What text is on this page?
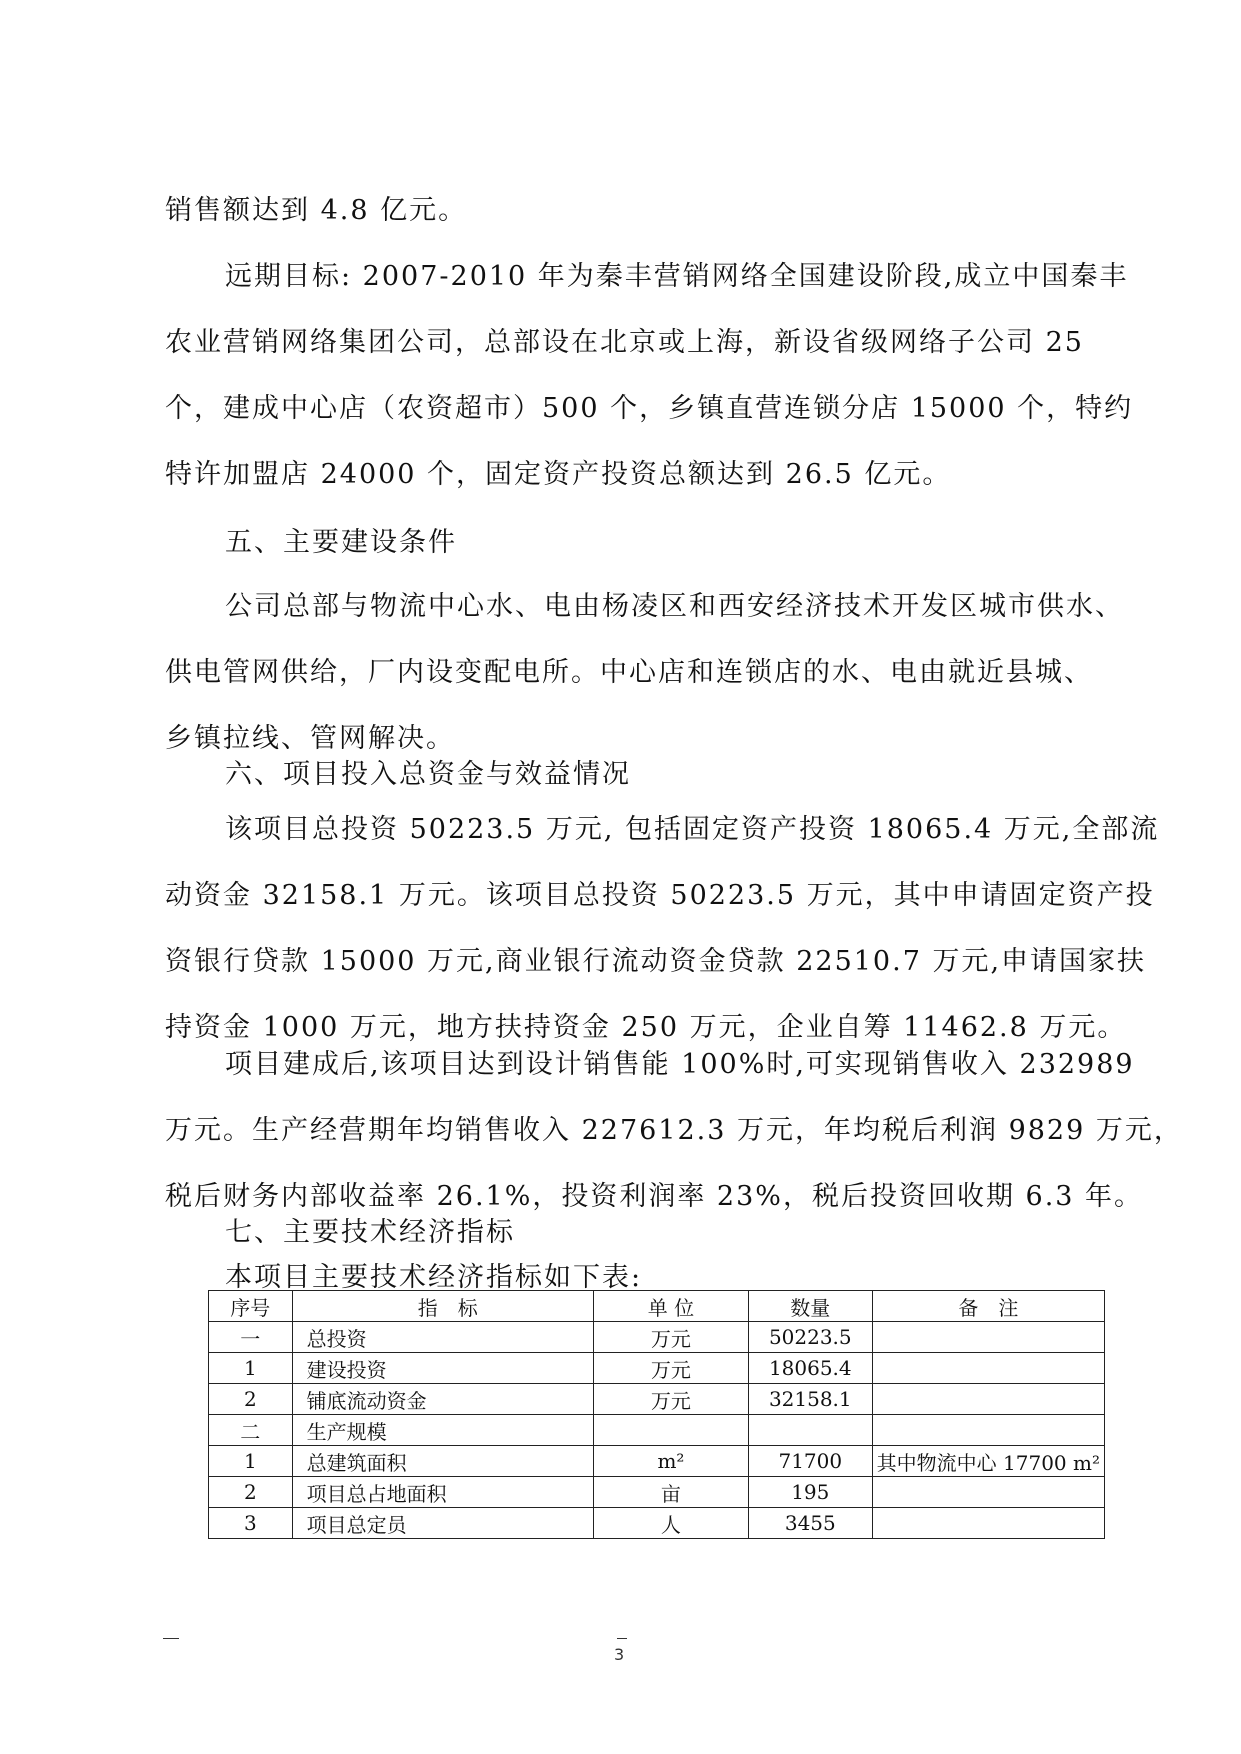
销售额达到 4.8 亿元。
远期目标: 2007-2010 年为秦丰营销网络全国建设阶段,成立中国秦丰
农业营销网络集团公司，总部设在北京或上海，新设省级网络子公司 25
个，建成中心店（农资超市）500 个，乡镇直营连锁分店 15000 个，特约
特许加盟店 24000 个，固定资产投资总额达到 26.5 亿元。
五、主要建设条件
公司总部与物流中心水、电由杨凌区和西安经济技术开发区城市供水、
供电管网供给，厂内设变配电所。中心店和连锁店的水、电由就近县城、
乡镇拉线、管网解决。
六、项目投入总资金与效益情况
该项目总投资 50223.5 万元, 包括固定资产投资 18065.4 万元,全部流
动资金 32158.1 万元。该项目总投资 50223.5 万元，其中申请固定资产投
资银行贷款 15000 万元,商业银行流动资金贷款 22510.7 万元,申请国家扶
持资金 1000 万元，地方扶持资金 250 万元，企业自筹 11462.8 万元。
项目建成后,该项目达到设计销售能 100%时,可实现销售收入 232989
万元。生产经营期年均销售收入 227612.3 万元，年均税后利润 9829 万元，
税后财务内部收益率 26.1%，投资利润率 23%，税后投资回收期 6.3 年。
七、主要技术经济指标
本项目主要技术经济指标如下表:
序号	指　标	单 位	数量	备　注
一	总投资	万元	50223.5	
1	建设投资	万元	18065.4	
2	铺底流动资金	万元	32158.1	
二	生产规模			
1	总建筑面积	m²	71700	其中物流中心 17700 m²
2	项目总占地面积	亩	195	
3	项目总定员	人	3455	
3
